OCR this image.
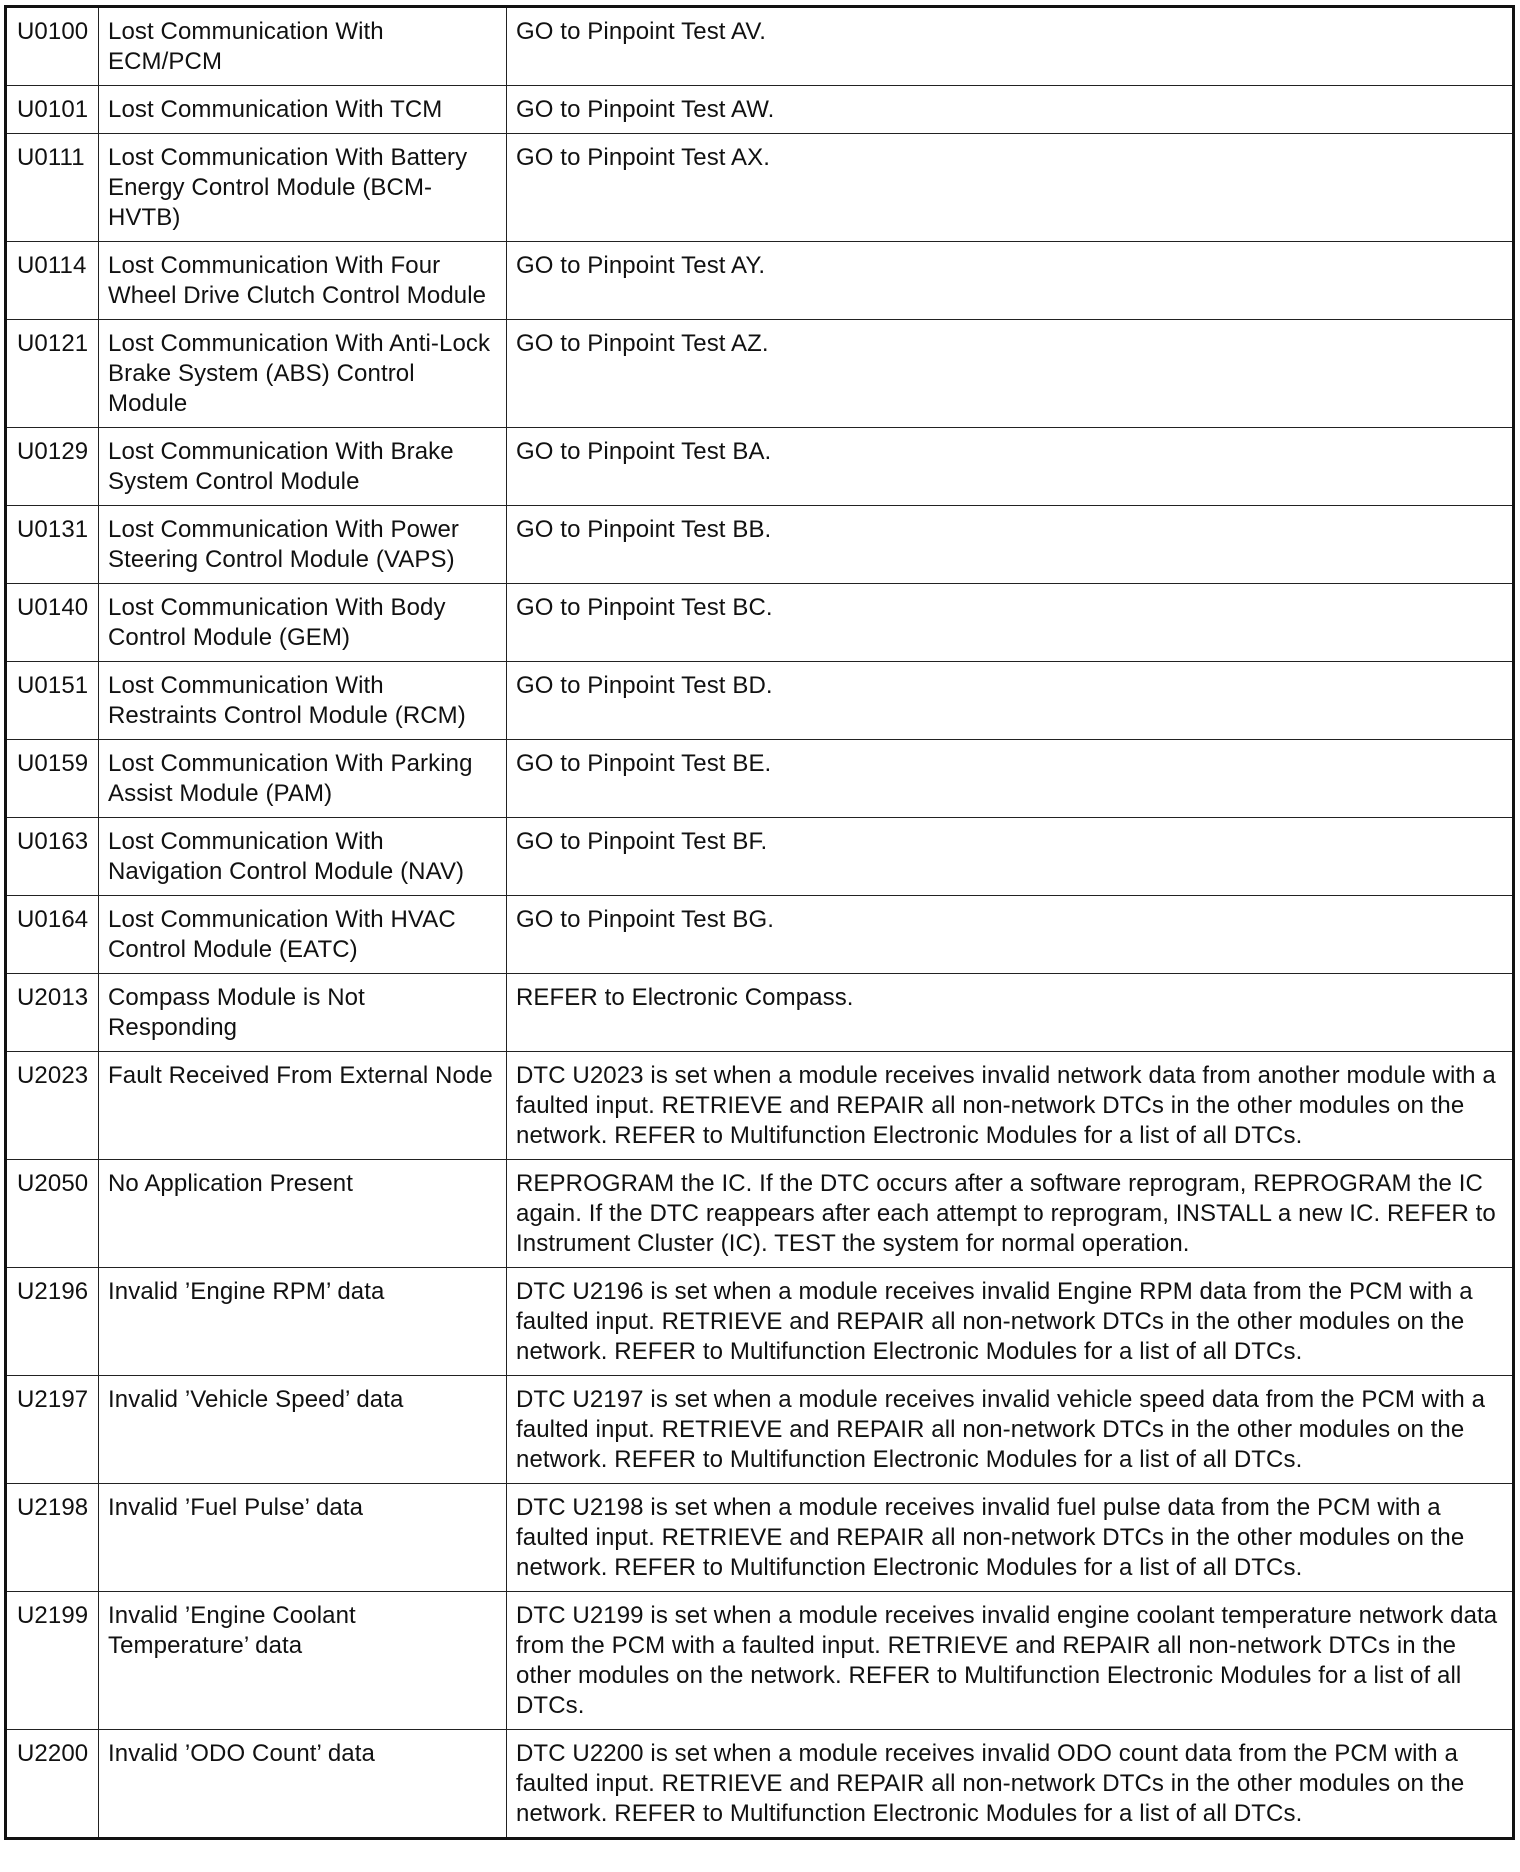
U0100	Lost Communication With ECM/PCM	GO to Pinpoint Test AV.
U0101	Lost Communication With TCM	GO to Pinpoint Test AW.
U0111	Lost Communication With Battery Energy Control Module (BCM-HVTB)	GO to Pinpoint Test AX.
U0114	Lost Communication With Four Wheel Drive Clutch Control Module	GO to Pinpoint Test AY.
U0121	Lost Communication With Anti-Lock Brake System (ABS) Control Module	GO to Pinpoint Test AZ.
U0129	Lost Communication With Brake System Control Module	GO to Pinpoint Test BA.
U0131	Lost Communication With Power Steering Control Module (VAPS)	GO to Pinpoint Test BB.
U0140	Lost Communication With Body Control Module (GEM)	GO to Pinpoint Test BC.
U0151	Lost Communication With Restraints Control Module (RCM)	GO to Pinpoint Test BD.
U0159	Lost Communication With Parking Assist Module (PAM)	GO to Pinpoint Test BE.
U0163	Lost Communication With Navigation Control Module (NAV)	GO to Pinpoint Test BF.
U0164	Lost Communication With HVAC Control Module (EATC)	GO to Pinpoint Test BG.
U2013	Compass Module is Not Responding	REFER to Electronic Compass.
U2023	Fault Received From External Node	DTC U2023 is set when a module receives invalid network data from another module with a faulted input. RETRIEVE and REPAIR all non-network DTCs in the other modules on the network. REFER to Multifunction Electronic Modules for a list of all DTCs.
U2050	No Application Present	REPROGRAM the IC. If the DTC occurs after a software reprogram, REPROGRAM the IC again. If the DTC reappears after each attempt to reprogram, INSTALL a new IC. REFER to Instrument Cluster (IC). TEST the system for normal operation.
U2196	Invalid ’Engine RPM’ data	DTC U2196 is set when a module receives invalid Engine RPM data from the PCM with a faulted input. RETRIEVE and REPAIR all non-network DTCs in the other modules on the network. REFER to Multifunction Electronic Modules for a list of all DTCs.
U2197	Invalid ’Vehicle Speed’ data	DTC U2197 is set when a module receives invalid vehicle speed data from the PCM with a faulted input. RETRIEVE and REPAIR all non-network DTCs in the other modules on the network. REFER to Multifunction Electronic Modules for a list of all DTCs.
U2198	Invalid ’Fuel Pulse’ data	DTC U2198 is set when a module receives invalid fuel pulse data from the PCM with a faulted input. RETRIEVE and REPAIR all non-network DTCs in the other modules on the network. REFER to Multifunction Electronic Modules for a list of all DTCs.
U2199	Invalid ’Engine Coolant Temperature’ data	DTC U2199 is set when a module receives invalid engine coolant temperature network data from the PCM with a faulted input. RETRIEVE and REPAIR all non-network DTCs in the other modules on the network. REFER to Multifunction Electronic Modules for a list of all DTCs.
U2200	Invalid ’ODO Count’ data	DTC U2200 is set when a module receives invalid ODO count data from the PCM with a faulted input. RETRIEVE and REPAIR all non-network DTCs in the other modules on the network. REFER to Multifunction Electronic Modules for a list of all DTCs.
